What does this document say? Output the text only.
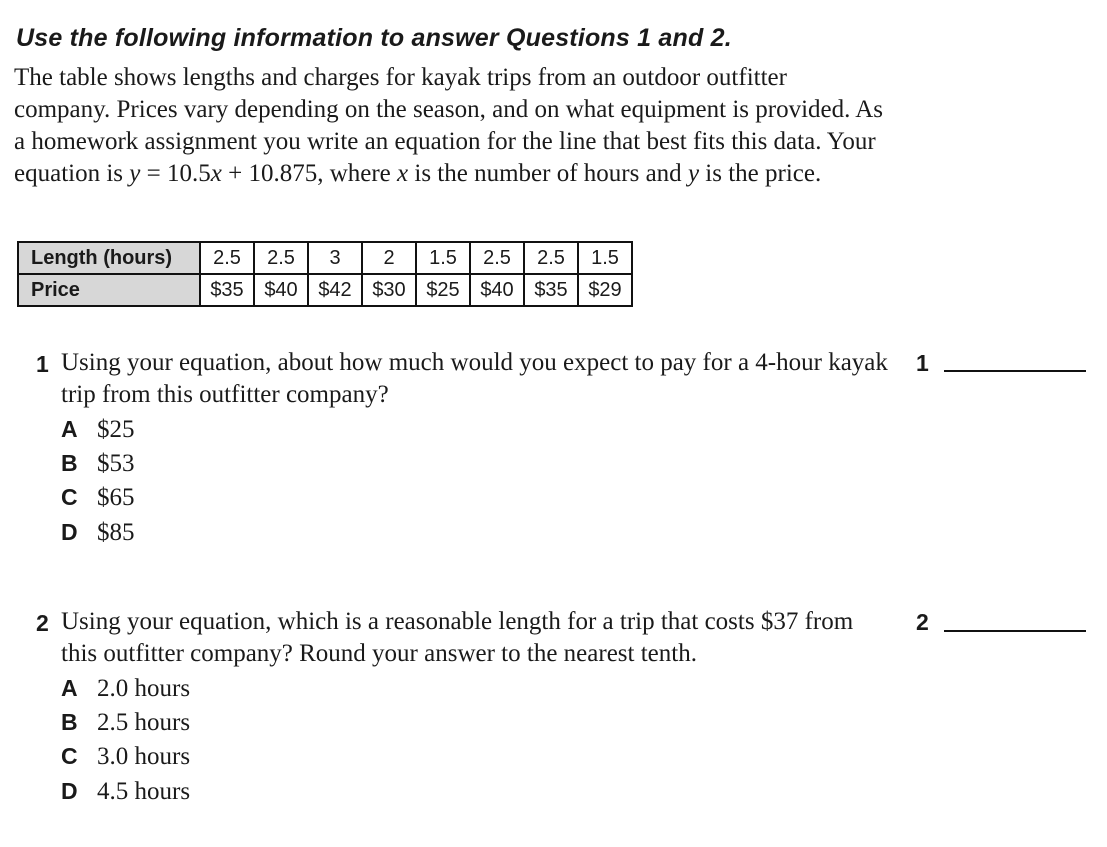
Use the following information to answer Questions 1 and 2.

The table shows lengths and charges for kayak trips from an outdoor outfitter company. Prices vary depending on the season, and on what equipment is provided. As a homework assignment you write an equation for the line that best fits this data. Your equation is y = 10.5x + 10.875, where x is the number of hours and y is the price.

Length (hours)	2.5	2.5	3	2	1.5	2.5	2.5	1.5
Price	$35	$40	$42	$30	$25	$40	$35	$29
1 Using your equation, about how much would you expect to pay for a 4-hour kayak trip from this outfitter company?

A $25
B $53
C $65
D $85
1
2 Using your equation, which is a reasonable length for a trip that costs $37 from this outfitter company? Round your answer to the nearest tenth.

A 2.0 hours
B 2.5 hours
C 3.0 hours
D 4.5 hours
2
